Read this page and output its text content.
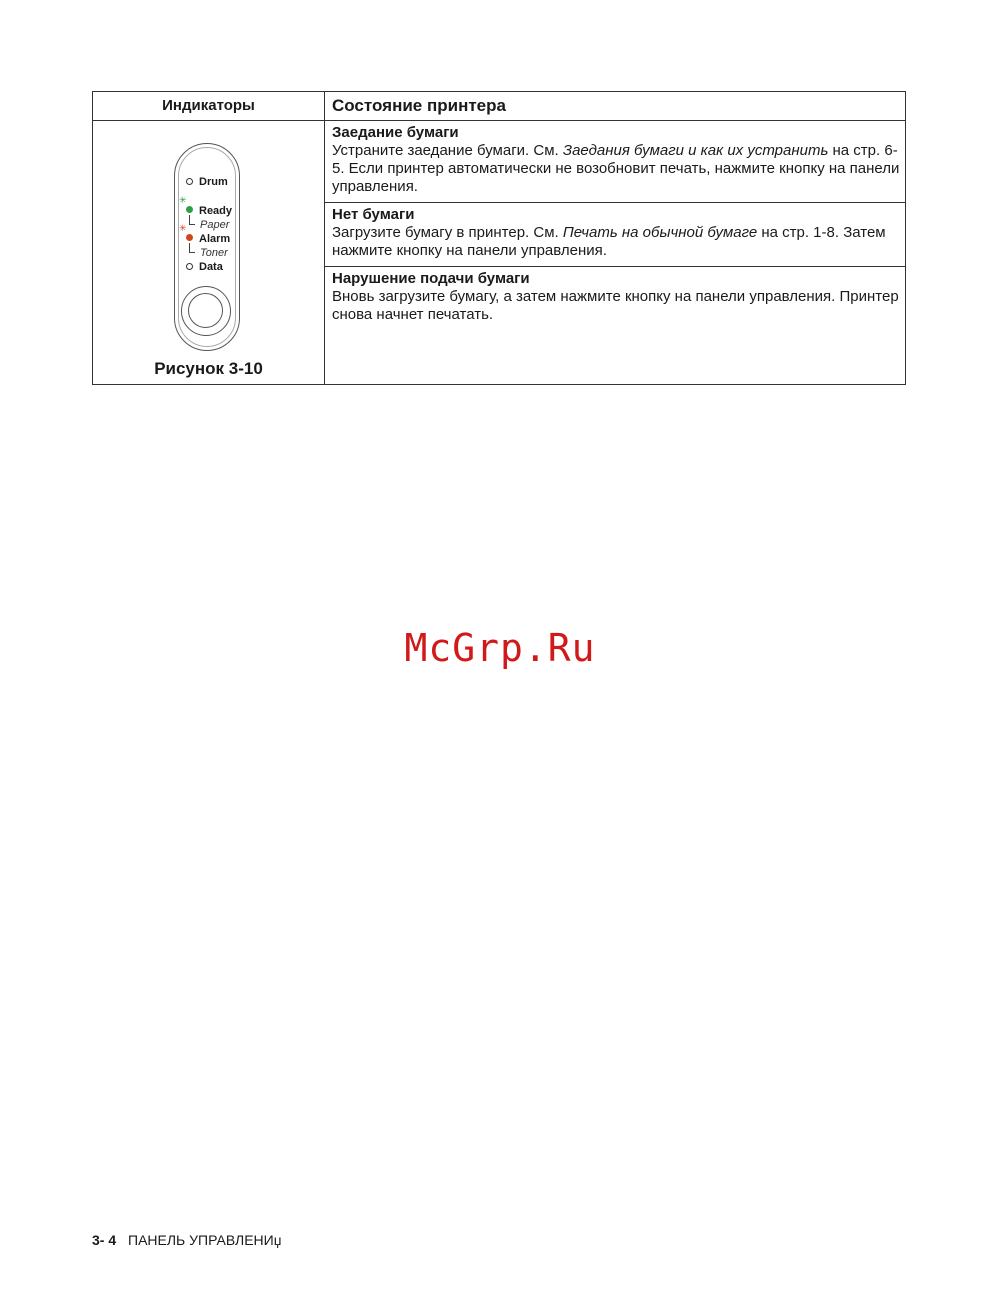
Индикаторы	Состояние принтера
Drum
✳
Ready
Paper
✳
Alarm
Toner
Data
Рисунок 3-10
Заедание бумаги

Устраните заедание бумаги. См. Заедания бумаги и как их устранить на стр. 6-5. Если принтер автоматически не возобновит печать, нажмите кнопку на панели управления.

Нет бумаги

Загрузите бумагу в принтер. См. Печать на обычной бумаге на стр. 1-8. Затем нажмите кнопку на панели управления.

Нарушение подачи бумаги

Вновь загрузите бумагу, а затем нажмите кнопку на панели управления. Принтер снова начнет печатать.

McGrp.Ru
3- 4 ПАНЕЛЬ УПРАВЛЕНИџ
